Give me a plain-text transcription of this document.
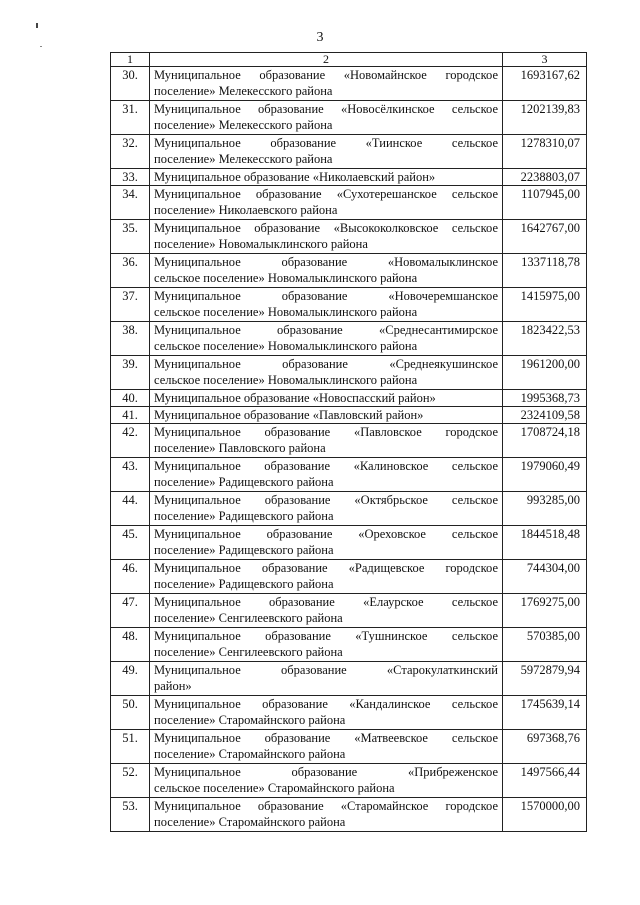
3
1	2	3
30.	Муниципальное образование «Новомайнское городское
поселение» Мелекесского района	1693167,62
31.	Муниципальное образование «Новосёлкинское сельское
поселение» Мелекесского района	1202139,83
32.	Муниципальное образование «Тиинское сельское
поселение» Мелекесского района	1278310,07
33.	Муниципальное образование «Николаевский район»	2238803,07
34.	Муниципальное образование «Сухотерешанское сельское
поселение» Николаевского района	1107945,00
35.	Муниципальное образование «Высококолковское сельское
поселение» Новомалыклинского района	1642767,00
36.	Муниципальное образование «Новомалыклинское
сельское поселение» Новомалыклинского района	1337118,78
37.	Муниципальное образование «Новочеремшанское
сельское поселение» Новомалыклинского района	1415975,00
38.	Муниципальное образование «Среднесантимирское
сельское поселение» Новомалыклинского района	1823422,53
39.	Муниципальное образование «Среднеякушинское
сельское поселение» Новомалыклинского района	1961200,00
40.	Муниципальное образование «Новоспасский район»	1995368,73
41.	Муниципальное образование «Павловский район»	2324109,58
42.	Муниципальное образование «Павловское городское
поселение» Павловского района	1708724,18
43.	Муниципальное образование «Калиновское сельское
поселение» Радищевского района	1979060,49
44.	Муниципальное образование «Октябрьское сельское
поселение» Радищевского района	993285,00
45.	Муниципальное образование «Ореховское сельское
поселение» Радищевского района	1844518,48
46.	Муниципальное образование «Радищевское городское
поселение» Радищевского района	744304,00
47.	Муниципальное образование «Елаурское сельское
поселение» Сенгилеевского района	1769275,00
48.	Муниципальное образование «Тушнинское сельское
поселение» Сенгилеевского района	570385,00
49.	Муниципальное образование «Старокулаткинский
район»	5972879,94
50.	Муниципальное образование «Кандалинское сельское
поселение» Старомайнского района	1745639,14
51.	Муниципальное образование «Матвеевское сельское
поселение» Старомайнского района	697368,76
52.	Муниципальное образование «Прибреженское
сельское поселение» Старомайнского района	1497566,44
53.	Муниципальное образование «Старомайнское городское
поселение» Старомайнского района	1570000,00
